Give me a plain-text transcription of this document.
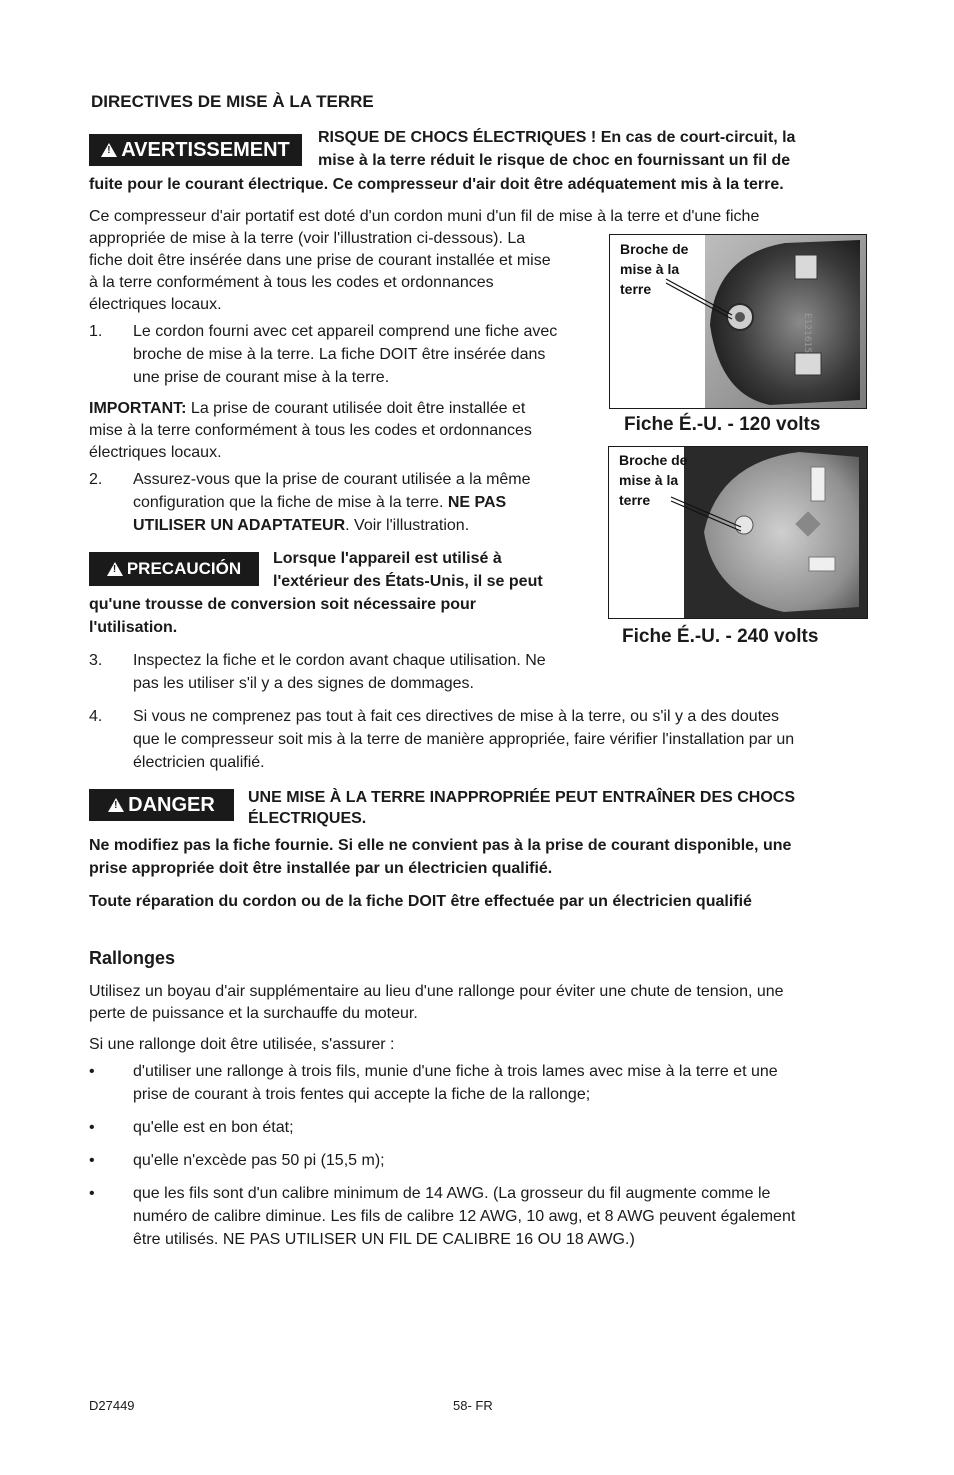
DIRECTIVES DE MISE À LA TERRE
! AVERTISSEMENT
RISQUE DE CHOCS ÉLECTRIQUES ! En cas de court-circuit, la
mise à la terre réduit le risque de choc en fournissant un fil de
fuite pour le courant électrique. Ce compresseur d'air doit être adéquatement mis à la terre.
Ce compresseur d'air portatif est doté d'un cordon muni d'un fil de mise à la terre et d'une fiche
appropriée de mise à la terre (voir l'illustration ci-dessous). La
fiche doit être insérée dans une prise de courant installée et mise
à la terre conformément à tous les codes et ordonnances
électriques locaux.
1. Le cordon fourni avec cet appareil comprend une fiche avec
broche de mise à la terre. La fiche DOIT être insérée dans
une prise de courant mise à la terre.
IMPORTANT: La prise de courant utilisée doit être installée et
mise à la terre conformément à tous les codes et ordonnances
électriques locaux.
2. Assurez-vous que la prise de courant utilisée a la même
configuration que la fiche de mise à la terre. NE PAS
UTILISER UN ADAPTATEUR. Voir l'illustration.
! PRECAUCIÓN
Lorsque l'appareil est utilisé à
l'extérieur des États-Unis, il se peut
qu'une trousse de conversion soit nécessaire pour
l'utilisation.
3. Inspectez la fiche et le cordon avant chaque utilisation. Ne
pas les utiliser s'il y a des signes de dommages.
E121615
Broche de
mise à la
terre
Fiche É.-U. - 120 volts
Broche de
mise à la
terre
Fiche É.-U. - 240 volts
4. Si vous ne comprenez pas tout à fait ces directives de mise à la terre, ou s'il y a des doutes
que le compresseur soit mis à la terre de manière appropriée, faire vérifier l'installation par un
électricien qualifié.
! DANGER UNE MISE À LA TERRE INAPPROPRIÉE PEUT ENTRAÎNER DES CHOCS
ÉLECTRIQUES.
Ne modifiez pas la fiche fournie. Si elle ne convient pas à la prise de courant disponible, une
prise appropriée doit être installée par un électricien qualifié.
Toute réparation du cordon ou de la fiche DOIT être effectuée par un électricien qualifié
Rallonges
Utilisez un boyau d'air supplémentaire au lieu d'une rallonge pour éviter une chute de tension, une
perte de puissance et la surchauffe du moteur.
Si une rallonge doit être utilisée, s'assurer :
• d'utiliser une rallonge à trois fils, munie d'une fiche à trois lames avec mise à la terre et une
prise de courant à trois fentes qui accepte la fiche de la rallonge;
• qu'elle est en bon état;
• qu'elle n'excède pas 50 pi (15,5 m);
• que les fils sont d'un calibre minimum de 14 AWG. (La grosseur du fil augmente comme le
numéro de calibre diminue. Les fils de calibre 12 AWG, 10 awg, et 8 AWG peuvent également
être utilisés. NE PAS UTILISER UN FIL DE CALIBRE 16 OU 18 AWG.)
D27449	58- FR
